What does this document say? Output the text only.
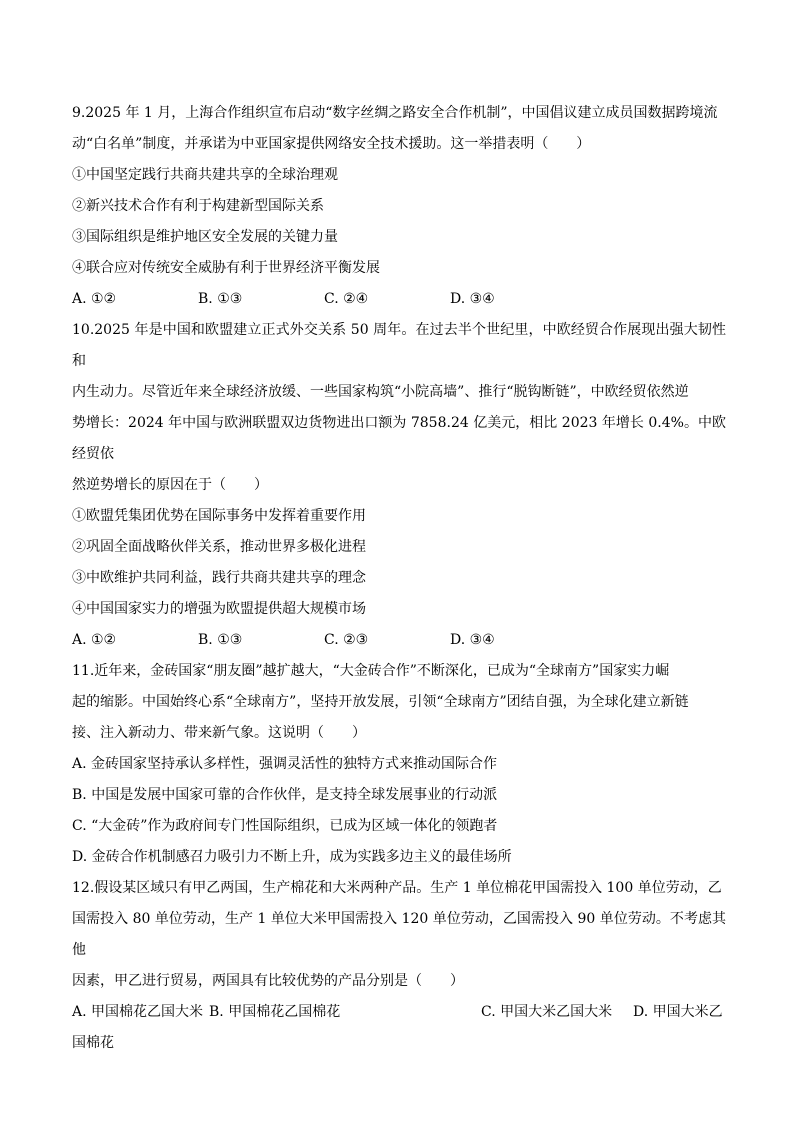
9.2025 年 1 月，上海合作组织宣布启动“数字丝绸之路安全合作机制”，中国倡议建立成员国数据跨境流
动“白名单”制度，并承诺为中亚国家提供网络安全技术援助。这一举措表明（　　）
①中国坚定践行共商共建共享的全球治理观
②新兴技术合作有利于构建新型国际关系
③国际组织是维护地区安全发展的关键力量
④联合应对传统安全威胁有利于世界经济平衡发展
A. ①②	B. ①③	C. ②④	D. ③④
10.2025 年是中国和欧盟建立正式外交关系 50 周年。在过去半个世纪里，中欧经贸合作展现出强大韧性和
内生动力。尽管近年来全球经济放缓、一些国家构筑“小院高墙”、推行“脱钩断链”，中欧经贸依然逆
势增长：2024 年中国与欧洲联盟双边货物进出口额为 7858.24 亿美元，相比 2023 年增长 0.4%。中欧经贸依
然逆势增长的原因在于（　　）
①欧盟凭集团优势在国际事务中发挥着重要作用
②巩固全面战略伙伴关系，推动世界多极化进程
③中欧维护共同利益，践行共商共建共享的理念
④中国国家实力的增强为欧盟提供超大规模市场
A. ①②	B. ①③	C. ②③	D. ③④
11.近年来，金砖国家“朋友圈”越扩越大，“大金砖合作”不断深化，已成为“全球南方”国家实力崛
起的缩影。中国始终心系“全球南方”，坚持开放发展，引领“全球南方”团结自强，为全球化建立新链
接、注入新动力、带来新气象。这说明（　　）
A. 金砖国家坚持承认多样性，强调灵活性的独特方式来推动国际合作
B. 中国是发展中国家可靠的合作伙伴，是支持全球发展事业的行动派
C. “大金砖”作为政府间专门性国际组织，已成为区域一体化的领跑者
D. 金砖合作机制感召力吸引力不断上升，成为实践多边主义的最佳场所
12.假设某区域只有甲乙两国，生产棉花和大米两种产品。生产 1 单位棉花甲国需投入 100 单位劳动，乙
国需投入 80 单位劳动，生产 1 单位大米甲国需投入 120 单位劳动，乙国需投入 90 单位劳动。不考虑其他
因素，甲乙进行贸易，两国具有比较优势的产品分别是（　　）
A. 甲国棉花乙国大米 B. 甲国棉花乙国棉花	C. 甲国大米乙国大米 D. 甲国大米乙
国棉花
